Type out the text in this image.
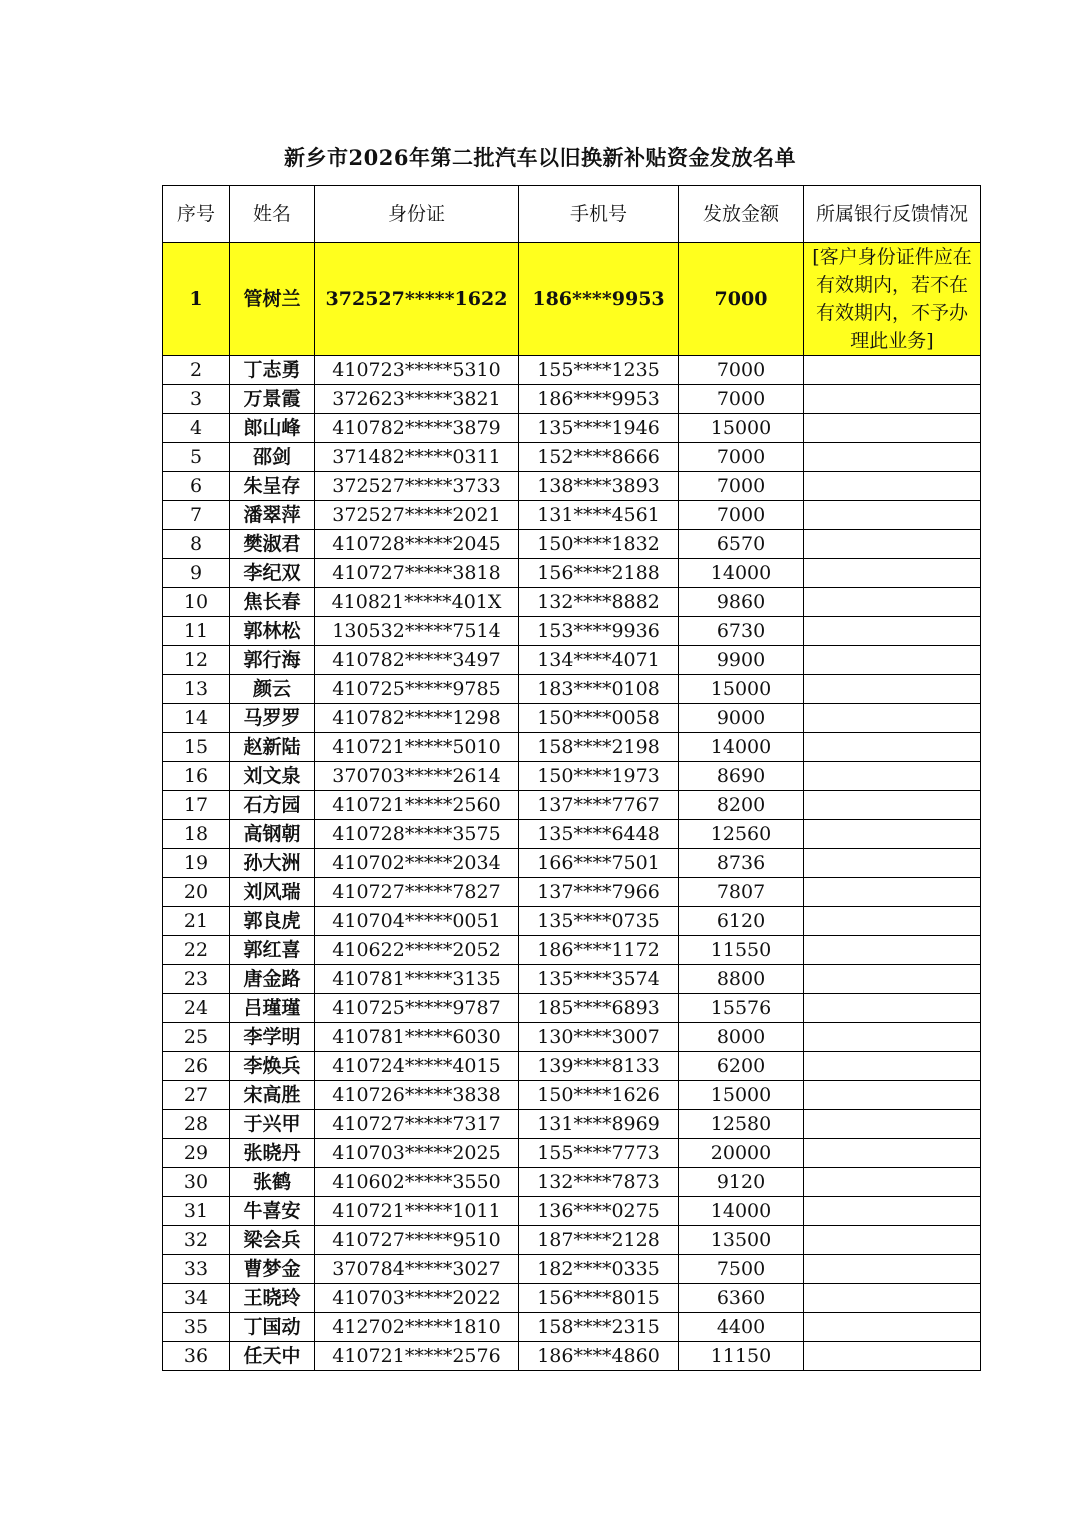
新乡市2026年第二批汽车以旧换新补贴资金发放名单
序号	姓名	身份证	手机号	发放金额	所属银行反馈情况

1	管树兰	372527*****1622	186****9953	7000	[客户身份证件应在有效期内，若不在有效期内，不予办理此业务]

2	丁志勇	410723*****5310	155****1235	7000	
3	万景霞	372623*****3821	186****9953	7000	
4	郎山峰	410782*****3879	135****1946	15000	
5	邵剑	371482*****0311	152****8666	7000	
6	朱呈存	372527*****3733	138****3893	7000	
7	潘翠萍	372527*****2021	131****4561	7000	
8	樊淑君	410728*****2045	150****1832	6570	
9	李纪双	410727*****3818	156****2188	14000	
10	焦长春	410821*****401X	132****8882	9860	
11	郭林松	130532*****7514	153****9936	6730	
12	郭行海	410782*****3497	134****4071	9900	
13	颜云	410725*****9785	183****0108	15000	
14	马罗罗	410782*****1298	150****0058	9000	
15	赵新陆	410721*****5010	158****2198	14000	
16	刘文泉	370703*****2614	150****1973	8690	
17	石方园	410721*****2560	137****7767	8200	
18	高钢朝	410728*****3575	135****6448	12560	
19	孙大洲	410702*****2034	166****7501	8736	
20	刘风瑞	410727*****7827	137****7966	7807	
21	郭良虎	410704*****0051	135****0735	6120	
22	郭红喜	410622*****2052	186****1172	11550	
23	唐金路	410781*****3135	135****3574	8800	
24	吕瑾瑾	410725*****9787	185****6893	15576	
25	李学明	410781*****6030	130****3007	8000	
26	李焕兵	410724*****4015	139****8133	6200	
27	宋高胜	410726*****3838	150****1626	15000	
28	于兴甲	410727*****7317	131****8969	12580	
29	张晓丹	410703*****2025	155****7773	20000	
30	张鹤	410602*****3550	132****7873	9120	
31	牛喜安	410721*****1011	136****0275	14000	
32	梁会兵	410727*****9510	187****2128	13500	
33	曹梦金	370784*****3027	182****0335	7500	
34	王晓玲	410703*****2022	156****8015	6360	
35	丁国动	412702*****1810	158****2315	4400	
36	任天中	410721*****2576	186****4860	11150	
